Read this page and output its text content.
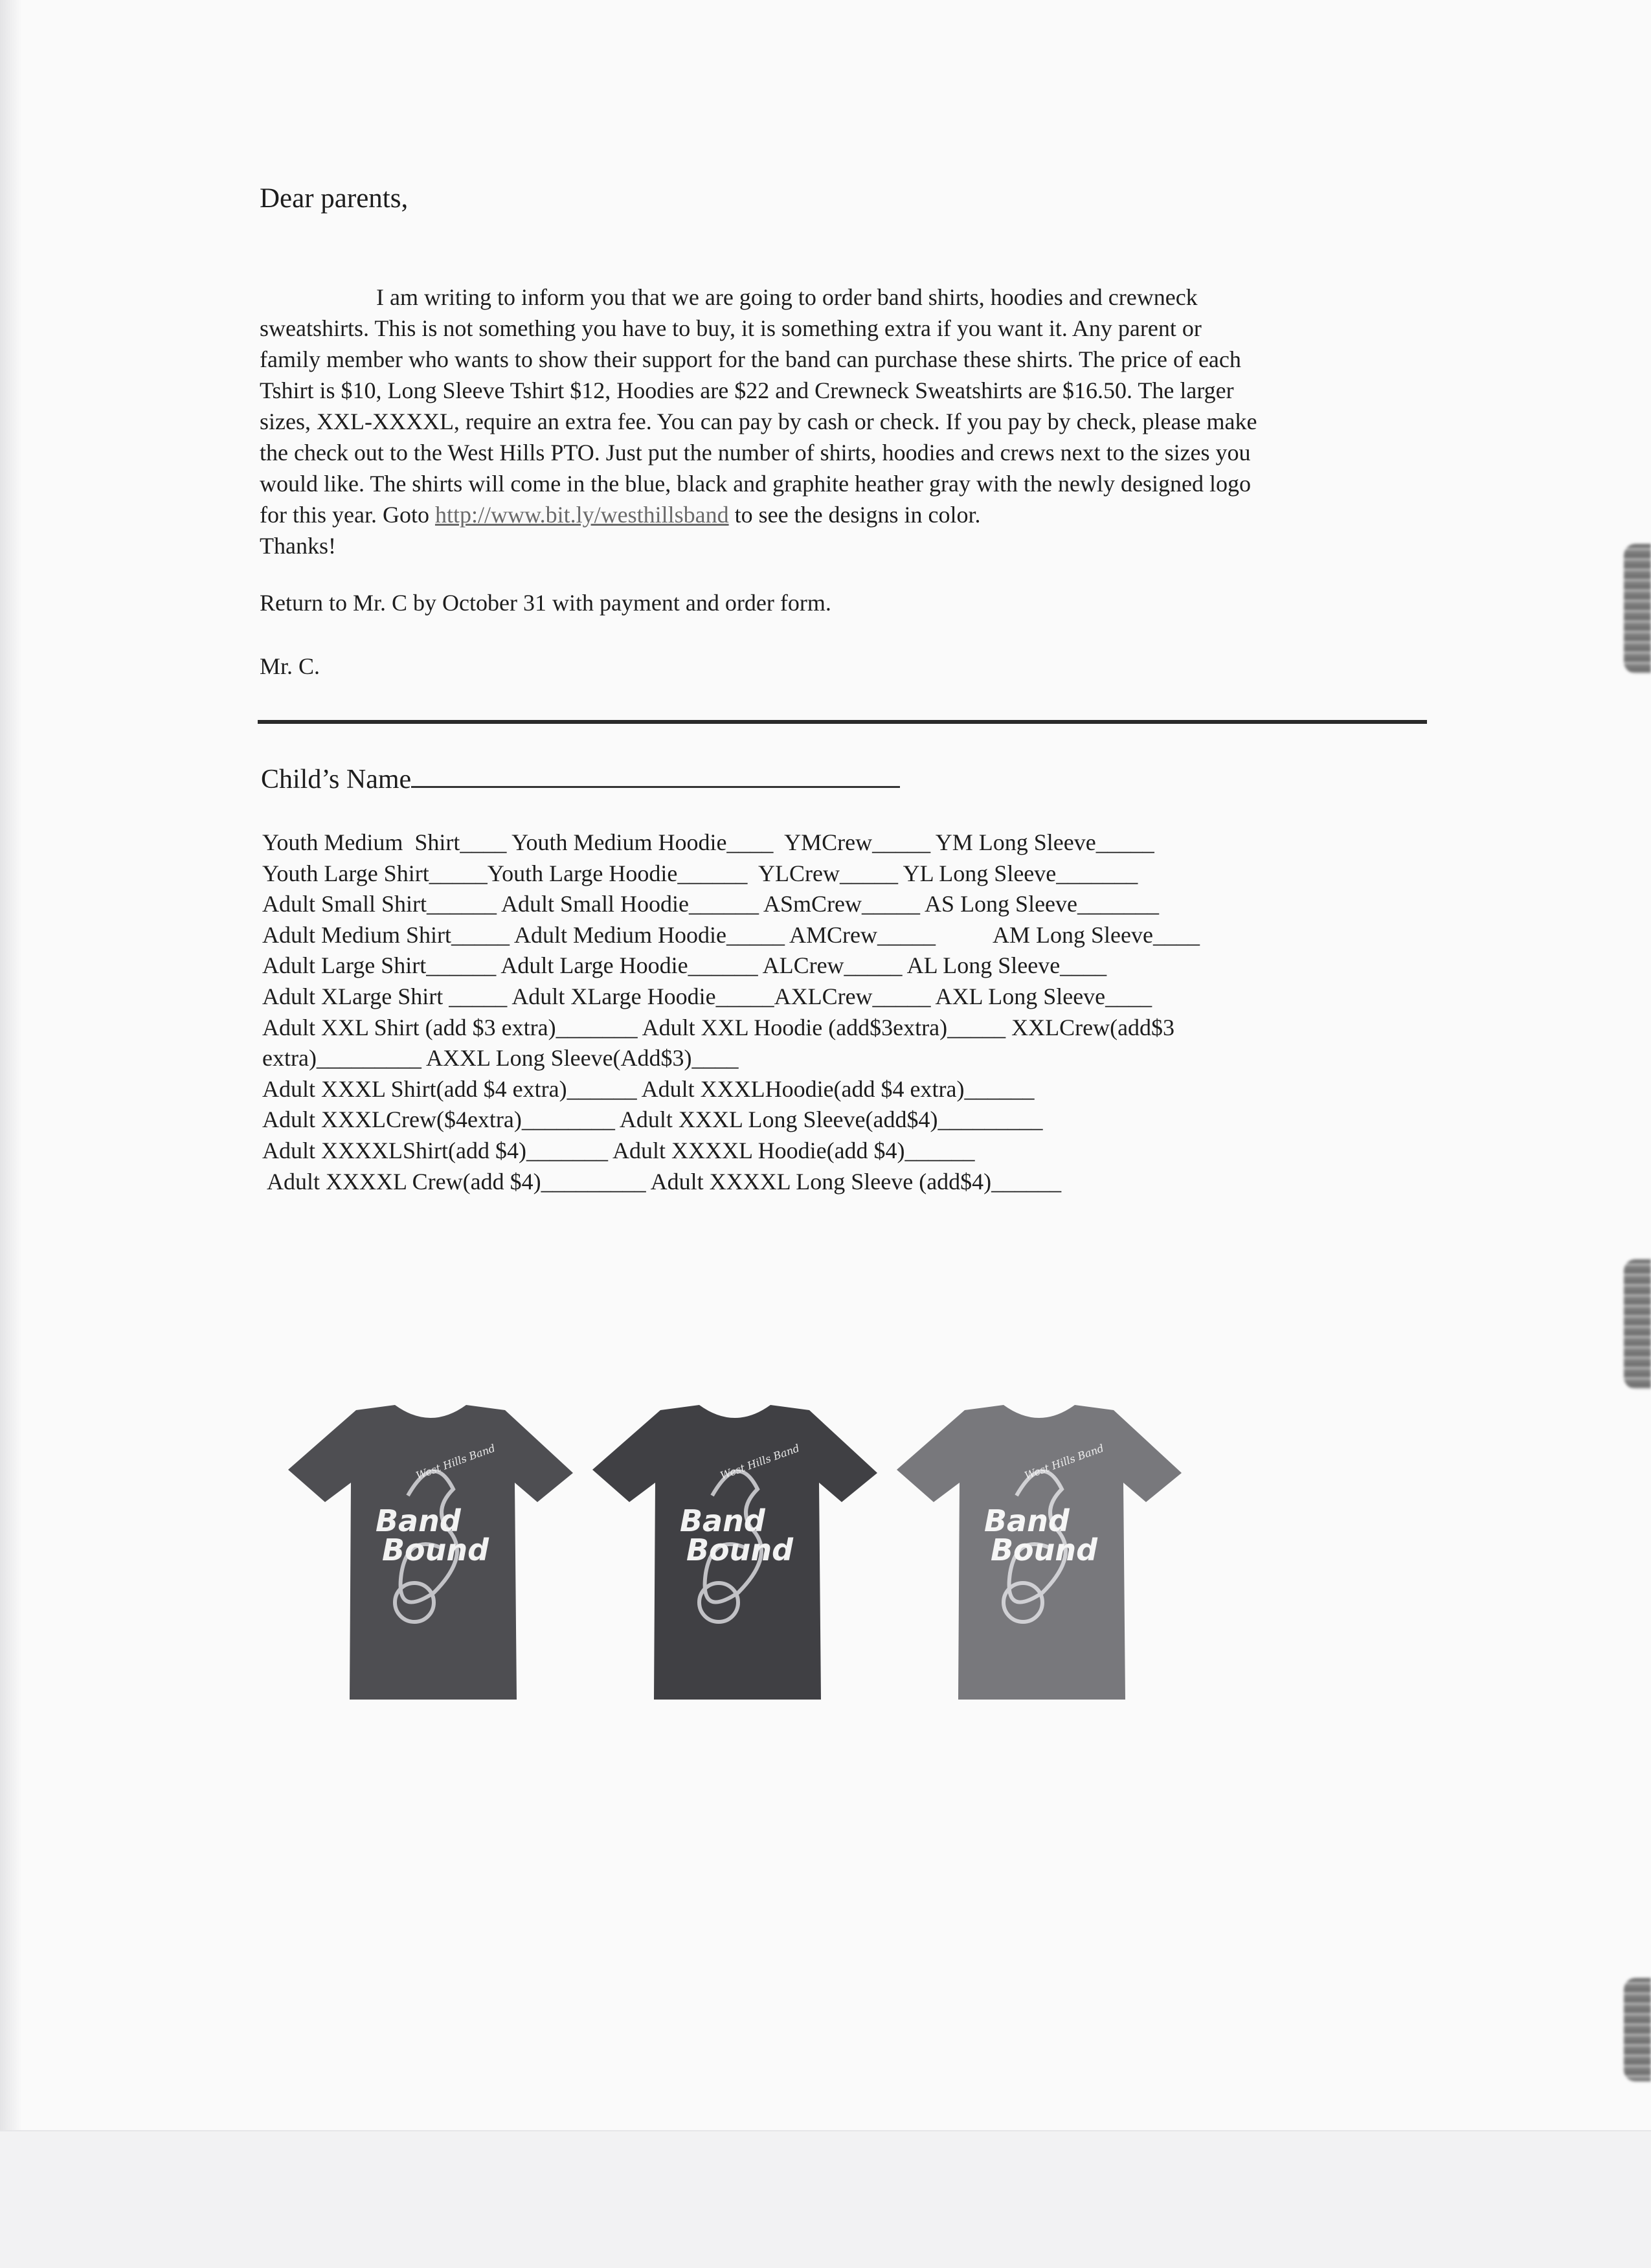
Dear parents,

I am writing to inform you that we are going to order band shirts, hoodies and crewneck
sweatshirts. This is not something you have to buy, it is something extra if you want it. Any parent or
family member who wants to show their support for the band can purchase these shirts. The price of each
Tshirt is $10, Long Sleeve Tshirt $12, Hoodies are $22 and Crewneck Sweatshirts are $16.50. The larger
sizes, XXL-XXXXL, require an extra fee. You can pay by cash or check. If you pay by check, please make
the check out to the West Hills PTO. Just put the number of shirts, hoodies and crews next to the sizes you
would like. The shirts will come in the blue, black and graphite heather gray with the newly designed logo
for this year. Goto http://www.bit.ly/westhillsband to see the designs in color.
Thanks!

Return to Mr. C by October 31 with payment and order form.
Mr. C.
Child’s Name
Youth Medium  Shirt____ Youth Medium Hoodie____  YMCrew_____ YM Long Sleeve_____
Youth Large Shirt_____Youth Large Hoodie______  YLCrew_____ YL Long Sleeve_______
Adult Small Shirt______ Adult Small Hoodie______ ASmCrew_____ AS Long Sleeve_______
Adult Medium Shirt_____ Adult Medium Hoodie_____ AMCrew_____          AM Long Sleeve____
Adult Large Shirt______ Adult Large Hoodie______ ALCrew_____ AL Long Sleeve____
Adult XLarge Shirt _____ Adult XLarge Hoodie_____AXLCrew_____ AXL Long Sleeve____
Adult XXL Shirt (add $3 extra)_______ Adult XXL Hoodie (add$3extra)_____ XXLCrew(add$3
extra)_________ AXXL Long Sleeve(Add$3)____
Adult XXXL Shirt(add $4 extra)______ Adult XXXLHoodie(add $4 extra)______
Adult XXXLCrew($4extra)________ Adult XXXL Long Sleeve(add$4)_________
Adult XXXXLShirt(add $4)_______ Adult XXXXL Hoodie(add $4)______
Adult XXXXL Crew(add $4)_________ Adult XXXXL Long Sleeve (add$4)______
West Hills Band
Band
Bound
West Hills Band
Band
Bound
West Hills Band
Band
Bound
